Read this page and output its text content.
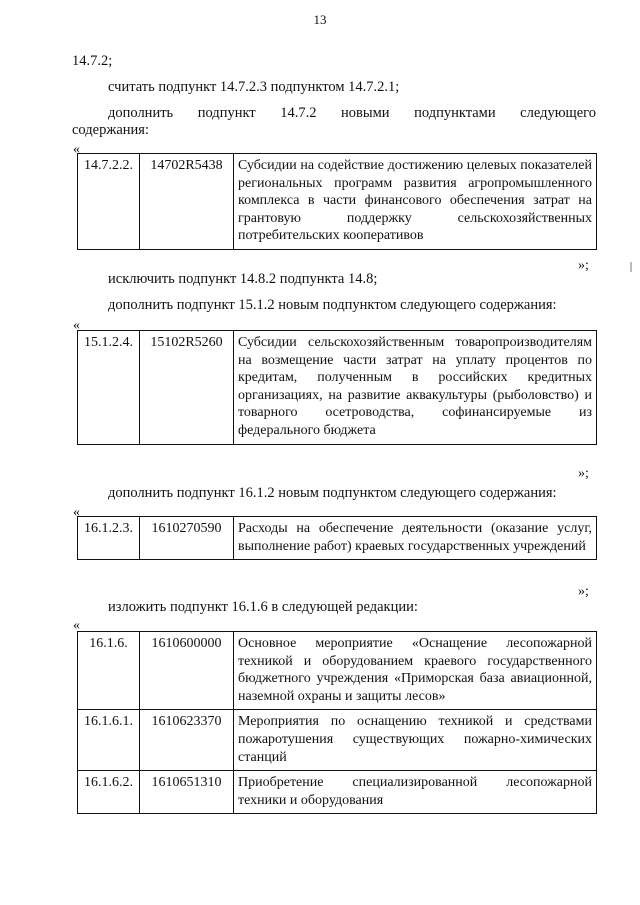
13
14.7.2;
считать подпункт 14.7.2.3 подпунктом 14.7.2.1;
дополнить подпункт 14.7.2 новыми подпунктами следующего
содержания:
«
14.7.2.2.	14702R5438	Субсидии на содействие достижению целевых показателей региональных программ развития агропромышленного комплекса в части финансового обеспечения затрат на грантовую поддержку сельскохозяйственных потребительских кооперативов
»;
исключить подпункт 14.8.2 подпункта 14.8;
дополнить подпункт 15.1.2 новым подпунктом следующего содержания:
«
15.1.2.4.	15102R5260	Субсидии сельскохозяйственным товаропроизводителям на возмещение части затрат на уплату процентов по кредитам, полученным в российских кредитных организациях, на развитие аквакультуры (рыболовство) и товарного осетроводства, софинансируемые из федерального бюджета
»;
дополнить подпункт 16.1.2 новым подпунктом следующего содержания:
«
16.1.2.3.	1610270590	Расходы на обеспечение деятельности (оказание услуг, выполнение работ) краевых государственных учреждений
»;
изложить подпункт 16.1.6 в следующей редакции:
«
16.1.6.	1610600000	Основное мероприятие «Оснащение лесопожарной техникой и оборудованием краевого государственного бюджетного учреждения «Приморская база авиационной, наземной охраны и защиты лесов»
16.1.6.1.	1610623370	Мероприятия по оснащению техникой и средствами пожаротушения существующих пожарно-химических станций
16.1.6.2.	1610651310	Приобретение специализированной лесопожарной техники и оборудования
